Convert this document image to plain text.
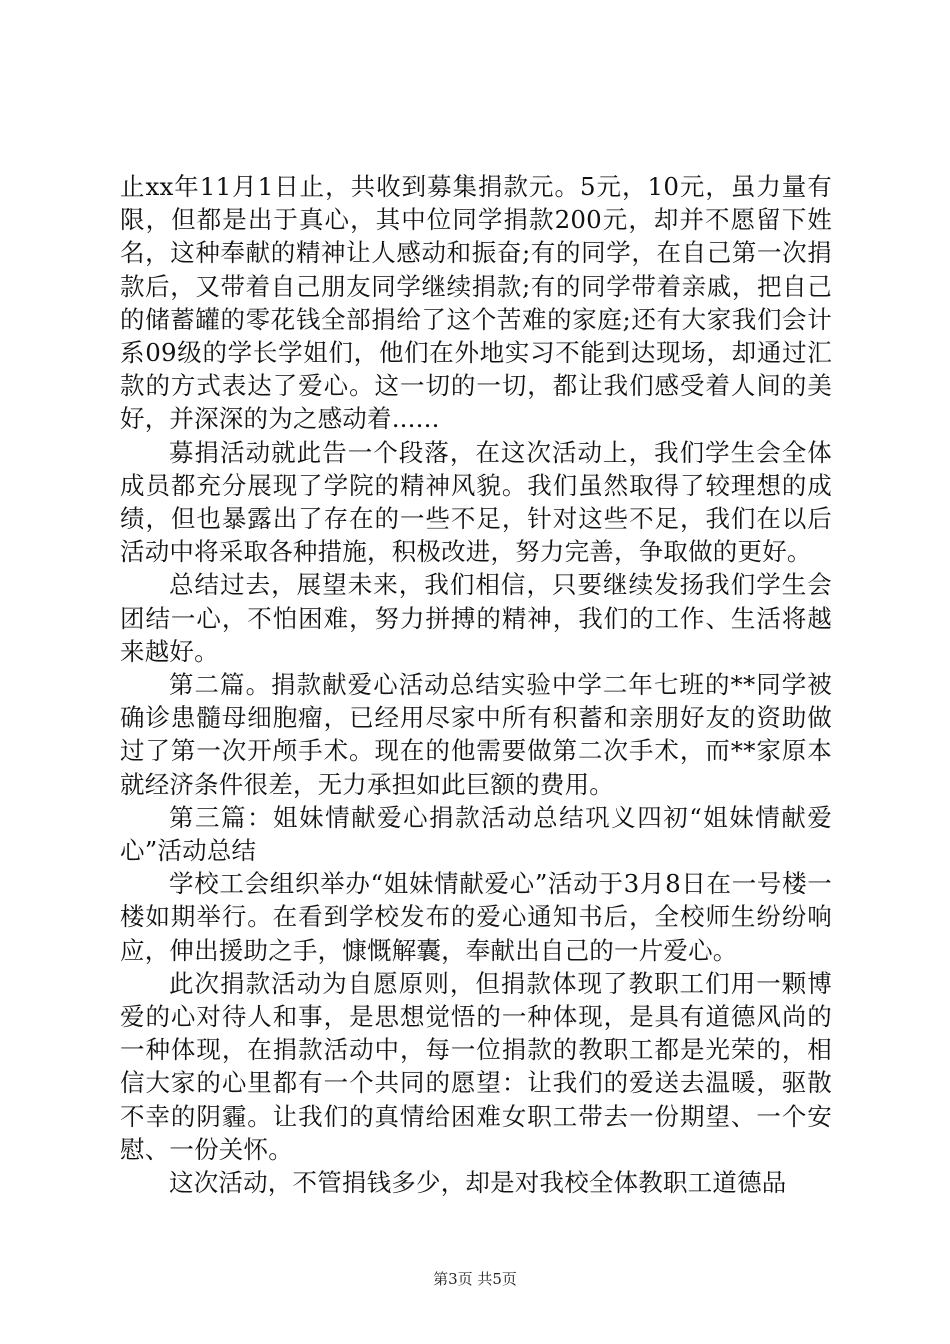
止xx年11月1日止，共收到募集捐款元。5元，10元，虽力量有限，但都是出于真心，其中位同学捐款200元，却并不愿留下姓名，这种奉献的精神让人感动和振奋;有的同学，在自己第一次捐款后，又带着自己朋友同学继续捐款;有的同学带着亲戚，把自己的储蓄罐的零花钱全部捐给了这个苦难的家庭;还有大家我们会计系09级的学长学姐们，他们在外地实习不能到达现场，却通过汇款的方式表达了爱心。这一切的一切，都让我们感受着人间的美好，并深深的为之感动着......

募捐活动就此告一个段落，在这次活动上，我们学生会全体成员都充分展现了学院的精神风貌。我们虽然取得了较理想的成绩，但也暴露出了存在的一些不足，针对这些不足，我们在以后活动中将采取各种措施，积极改进，努力完善，争取做的更好。

总结过去，展望未来，我们相信，只要继续发扬我们学生会团结一心，不怕困难，努力拼搏的精神，我们的工作、生活将越来越好。

第二篇。捐款献爱心活动总结实验中学二年七班的**同学被确诊患髓母细胞瘤，已经用尽家中所有积蓄和亲朋好友的资助做过了第一次开颅手术。现在的他需要做第二次手术，而**家原本就经济条件很差，无力承担如此巨额的费用。

第三篇：姐妹情献爱心捐款活动总结巩义四初“姐妹情献爱心”活动总结

学校工会组织举办“姐妹情献爱心”活动于3月8日在一号楼一楼如期举行。在看到学校发布的爱心通知书后，全校师生纷纷响应，伸出援助之手，慷慨解囊，奉献出自己的一片爱心。

此次捐款活动为自愿原则，但捐款体现了教职工们用一颗博爱的心对待人和事，是思想觉悟的一种体现，是具有道德风尚的一种体现，在捐款活动中，每一位捐款的教职工都是光荣的，相信大家的心里都有一个共同的愿望：让我们的爱送去温暖，驱散不幸的阴霾。让我们的真情给困难女职工带去一份期望、一个安慰、一份关怀。

这次活动，不管捐钱多少，却是对我校全体教职工道德品

第3页 共5页
